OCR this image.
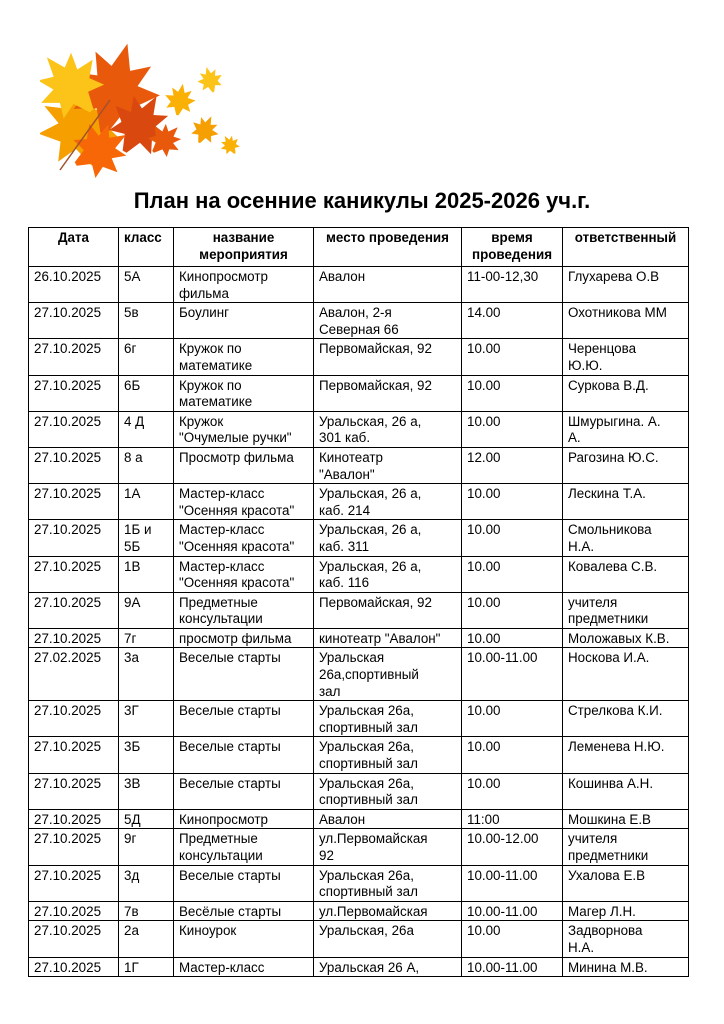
План на осенние каникулы 2025-2026 уч.г.
Дата	класс	название
мероприятия	место проведения	время
проведения	ответственный

26.10.2025	5А	Кинопросмотр
фильма	Авалон	11-00-12,30	Глухарева О.В

27.10.2025	5в	Боулинг	Авалон, 2-я
Северная 66	14.00	Охотникова ММ

27.10.2025	6г	Кружок по
математике	Первомайская, 92	10.00	Черенцова
Ю.Ю.

27.10.2025	6Б	Кружок по
математике	Первомайская, 92	10.00	Суркова В.Д.

27.10.2025	4 Д	Кружок
"Очумелые ручки"	Уральская, 26 а,
301 каб.	10.00	Шмурыгина. А.
А.

27.10.2025	8 а	Просмотр фильма	Кинотеатр
"Авалон"	12.00	Рагозина Ю.С.

27.10.2025	1А	Мастер-класс
"Осенняя красота"	Уральская, 26 а,
каб. 214	10.00	Лескина Т.А.

27.10.2025	1Б и
5Б	Мастер-класс
"Осенняя красота"	Уральская, 26 а,
каб. 311	10.00	Смольникова
Н.А.

27.10.2025	1В	Мастер-класс
"Осенняя красота"	Уральская, 26 а,
каб. 116	10.00	Ковалева С.В.

27.10.2025	9А	Предметные
консультации	Первомайская, 92	10.00	учителя
предметники

27.10.2025	7г	просмотр фильма	кинотеатр "Авалон"	10.00	Моложавых К.В.

27.02.2025	3а	Веселые старты	Уральская
26а,спортивный
зал	10.00-11.00	Носкова И.А.

27.10.2025	3Г	Веселые старты	Уральская 26а,
спортивный зал	10.00	Стрелкова К.И.

27.10.2025	3Б	Веселые старты	Уральская 26а,
спортивный зал	10.00	Леменева Н.Ю.

27.10.2025	3В	Веселые старты	Уральская 26а,
спортивный зал	10.00	Кошинва А.Н.

27.10.2025	5Д	Кинопросмотр	Авалон	11:00	Мошкина Е.В

27.10.2025	9г	Предметные
консультации	ул.Первомайская
92	10.00-12.00	учителя
предметники

27.10.2025	3д	Веселые старты	Уральская 26а,
спортивный зал	10.00-11.00	Ухалова Е.В

27.10.2025	7в	Весёлые старты	ул.Первомайская	10.00-11.00	Магер Л.Н.

27.10.2025	2а	Киноурок	Уральская, 26а	10.00	Задворнова
Н.А.

27.10.2025	1Г	Мастер-класс	Уральская 26 А,	10.00-11.00	Минина М.В.
